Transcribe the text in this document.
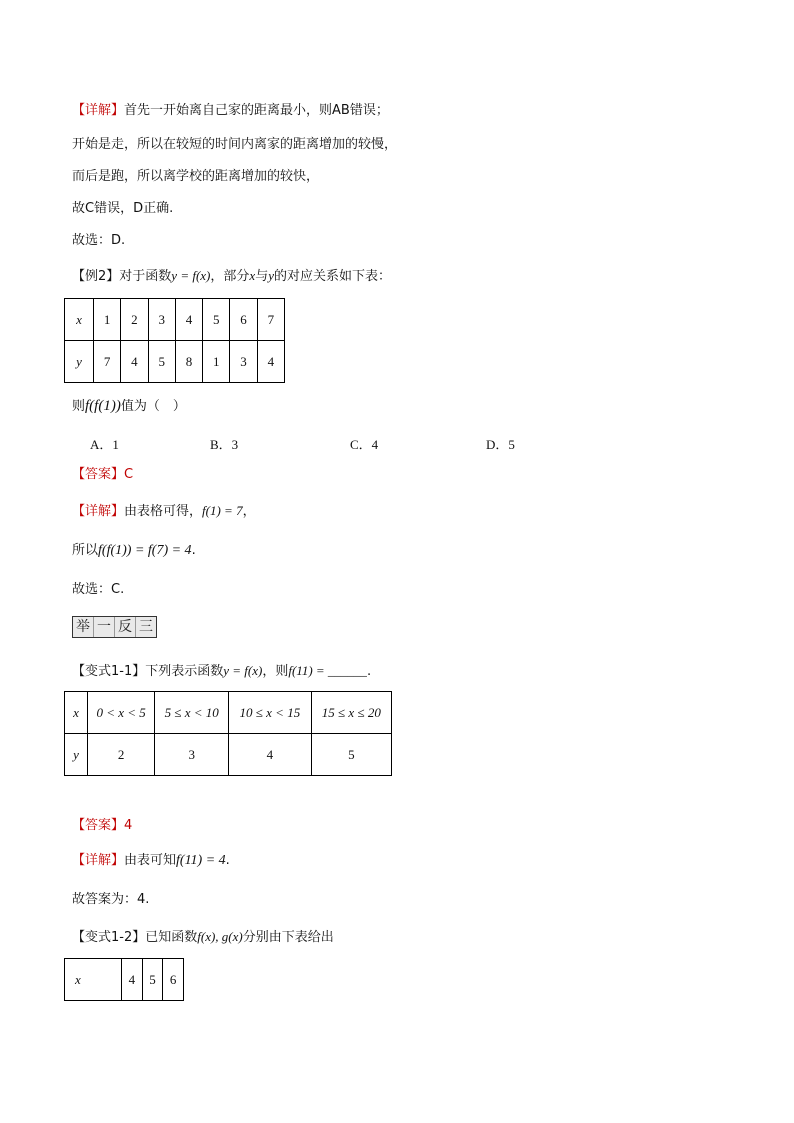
【详解】首先一开始离自己家的距离最小，则AB错误；
开始是走，所以在较短的时间内离家的距离增加的较慢，
而后是跑，所以离学校的距离增加的较快，
故C错误，D正确.
故选：D.
【例2】对于函数y = f(x)，部分x与y的对应关系如下表：
x	1	2	3	4	5	6	7
y	7	4	5	8	1	3	4
则f(f(1))值为（　）
A．1	B．3	C．4	D．5
【答案】C
【详解】由表格可得，f(1) = 7，
所以f(f(1)) = f(7) = 4.
故选：C.
举 一 反 三
【变式1-1】下列表示函数y = f(x)，则f(11) = ______.
x	0 < x < 5	5 ≤ x < 10	10 ≤ x < 15	15 ≤ x ≤ 20
y	2	3	4	5
【答案】4
【详解】由表可知f(11) = 4.
故答案为：4.
【变式1-2】已知函数f(x), g(x)分别由下表给出
x	4	5	6
